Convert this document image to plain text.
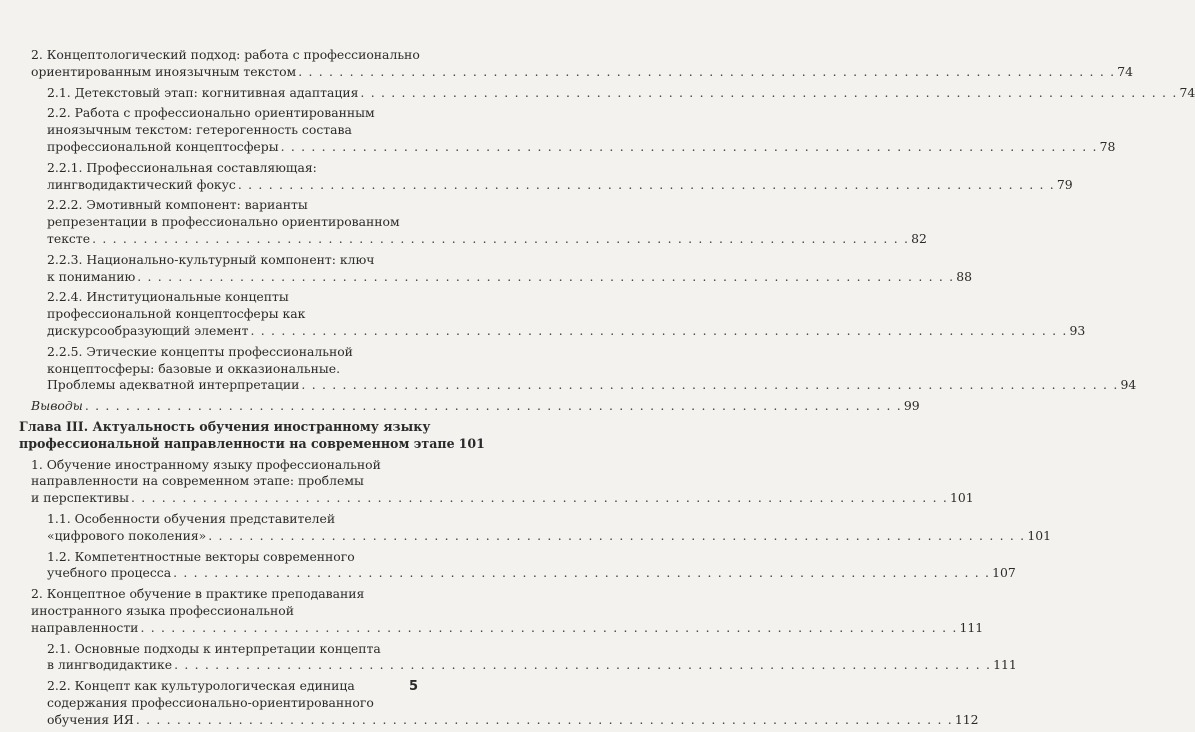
2. Концептологический подход: работа с профессионально
ориентированным иноязычным текстом . . .	74
2.1. Детекстовый этап: когнитивная адаптация . . .	74
2.2. Работа с профессионально ориентированным
иноязычным текстом: гетерогенность состава
профессиональной концептосферы . . .	78
2.2.1. Профессиональная составляющая:
лингводидактический фокус . . .	79
2.2.2. Эмотивный компонент: варианты
репрезентации в профессионально ориентированном
тексте . . .	82
2.2.3. Национально-культурный компонент: ключ
к пониманию . . .	88
2.2.4. Институциональные концепты
профессиональной концептосферы как
дискурсообразующий элемент . . .	93
2.2.5. Этические концепты профессиональной
концептосферы: базовые и окказиональные.
Проблемы адекватной интерпретации . . .	94
Выводы . . .	99
Глава III. Актуальность обучения иностранному языку
профессиональной направленности на современном этапе 101
1. Обучение иностранному языку профессиональной
направленности на современном этапе: проблемы
и перспективы . . .	101
1.1. Особенности обучения представителей
«цифрового поколения» . . .	101
1.2. Компетентностные векторы современного
учебного процесса . . .	107
2. Концептное обучение в практике преподавания
иностранного языка профессиональной
направленности . . .	111
2.1. Основные подходы к интерпретации концепта
в лингводидактике . . .	111
2.2. Концепт как культурологическая единица
содержания профессионально-ориентированного
обучения ИЯ . . .	112
5
